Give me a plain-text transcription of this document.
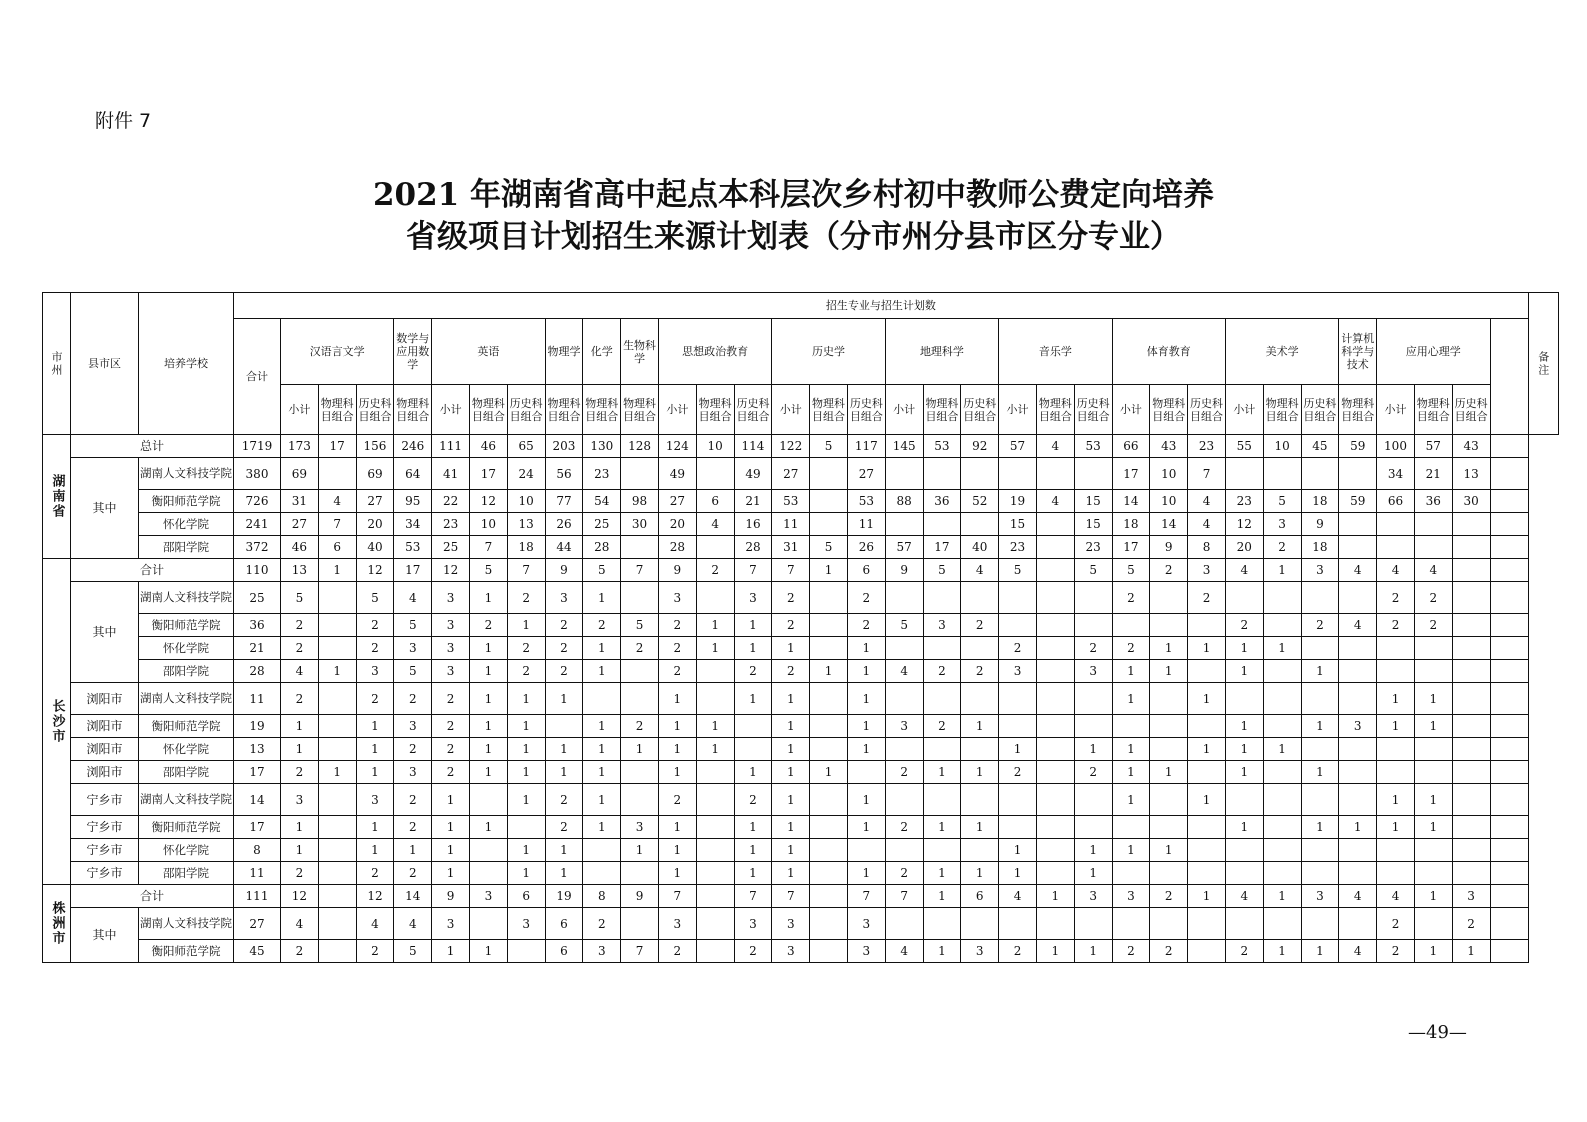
附件 7
2021 年湖南省高中起点本科层次乡村初中教师公费定向培养
省级项目计划招生来源计划表（分市州分县市区分专业）
市州	县市区	培养学校	招生专业与招生计划数																																		备注
			合计	汉语言文学			数学与应用数学	英语			物理学	化学	生物科学	思想政治教育			历史学			地理科学			音乐学			体育教育			美术学			计算机科学与技术	应用心理学				
				小计	物理科目组合	历史科目组合	物理科目组合	小计	物理科目组合	历史科目组合	物理科目组合	物理科目组合	物理科目组合	小计	物理科目组合	历史科目组合	小计	物理科目组合	历史科目组合	小计	物理科目组合	历史科目组合	小计	物理科目组合	历史科目组合	小计	物理科目组合	历史科目组合	小计	物理科目组合	历史科目组合	物理科目组合	小计	物理科目组合	历史科目组合		
湖南省	总计		1719	173	17	156	246	111	46	65	203	130	128	124	10	114	122	5	117	145	53	92	57	4	53	66	43	23	55	10	45	59	100	57	43		
	其中	湖南人文科技学院	380	69		69	64	41	17	24	56	23		49		49	27		27							17	10	7					34	21	13		
		衡阳师范学院	726	31	4	27	95	22	12	10	77	54	98	27	6	21	53		53	88	36	52	19	4	15	14	10	4	23	5	18	59	66	36	30		
		怀化学院	241	27	7	20	34	23	10	13	26	25	30	20	4	16	11		11				15		15	18	14	4	12	3	9						
		邵阳学院	372	46	6	40	53	25	7	18	44	28		28		28	31	5	26	57	17	40	23		23	17	9	8	20	2	18						
长沙市	合计		110	13	1	12	17	12	5	7	9	5	7	9	2	7	7	1	6	9	5	4	5		5	5	2	3	4	1	3	4	4	4			
	其中	湖南人文科技学院	25	5		5	4	3	1	2	3	1		3		3	2		2							2		2					2	2			
		衡阳师范学院	36	2		2	5	3	2	1	2	2	5	2	1	1	2		2	5	3	2							2		2	4	2	2			
		怀化学院	21	2		2	3	3	1	2	2	1	2	2	1	1	1		1				2		2	2	1	1	1	1							
		邵阳学院	28	4	1	3	5	3	1	2	2	1		2		2	2	1	1	4	2	2	3		3	1	1		1		1						
	浏阳市	湖南人文科技学院	11	2		2	2	2	1	1	1			1		1	1		1							1		1					1	1			
	浏阳市	衡阳师范学院	19	1		1	3	2	1	1		1	2	1	1		1		1	3	2	1							1		1	3	1	1			
	浏阳市	怀化学院	13	1		1	2	2	1	1	1	1	1	1	1		1		1				1		1	1		1	1	1							
	浏阳市	邵阳学院	17	2	1	1	3	2	1	1	1	1		1		1	1	1		2	1	1	2		2	1	1		1		1						
	宁乡市	湖南人文科技学院	14	3		3	2	1		1	2	1		2		2	1		1							1		1					1	1			
	宁乡市	衡阳师范学院	17	1		1	2	1	1		2	1	3	1		1	1		1	2	1	1							1		1	1	1	1			
	宁乡市	怀化学院	8	1		1	1	1		1	1		1	1		1	1						1		1	1	1										
	宁乡市	邵阳学院	11	2		2	2	1		1	1			1		1	1		1	2	1	1	1		1												
株洲市	合计		111	12		12	14	9	3	6	19	8	9	7		7	7		7	7	1	6	4	1	3	3	2	1	4	1	3	4	4	1	3		
	其中	湖南人文科技学院	27	4		4	4	3		3	6	2		3		3	3		3														2		2		
		衡阳师范学院	45	2		2	5	1	1		6	3	7	2		2	3		3	4	1	3	2	1	1	2	2		2	1	1	4	2	1	1		
—49—
